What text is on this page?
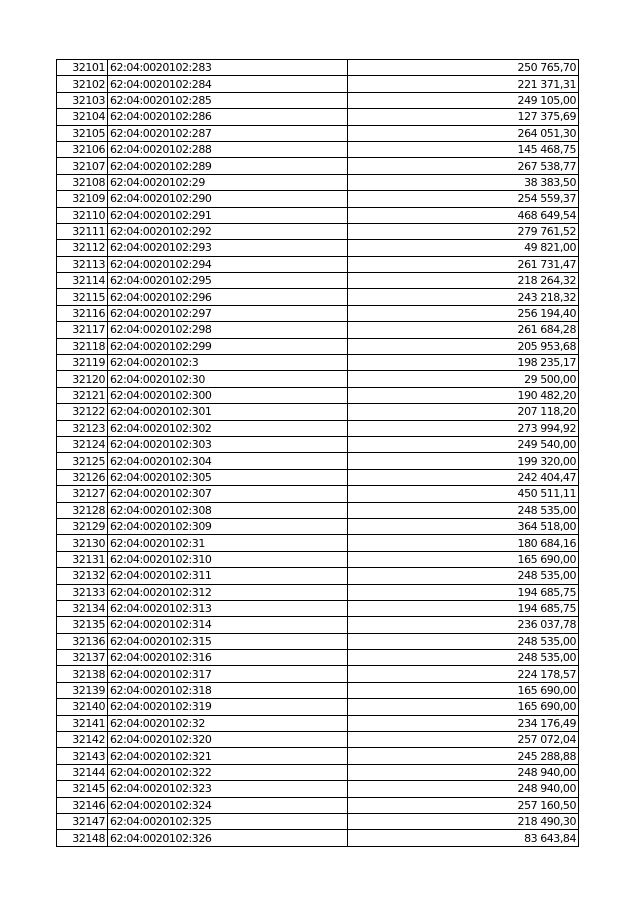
32101	62:04:0020102:283	250 765,70
32102	62:04:0020102:284	221 371,31
32103	62:04:0020102:285	249 105,00
32104	62:04:0020102:286	127 375,69
32105	62:04:0020102:287	264 051,30
32106	62:04:0020102:288	145 468,75
32107	62:04:0020102:289	267 538,77
32108	62:04:0020102:29	38 383,50
32109	62:04:0020102:290	254 559,37
32110	62:04:0020102:291	468 649,54
32111	62:04:0020102:292	279 761,52
32112	62:04:0020102:293	49 821,00
32113	62:04:0020102:294	261 731,47
32114	62:04:0020102:295	218 264,32
32115	62:04:0020102:296	243 218,32
32116	62:04:0020102:297	256 194,40
32117	62:04:0020102:298	261 684,28
32118	62:04:0020102:299	205 953,68
32119	62:04:0020102:3	198 235,17
32120	62:04:0020102:30	29 500,00
32121	62:04:0020102:300	190 482,20
32122	62:04:0020102:301	207 118,20
32123	62:04:0020102:302	273 994,92
32124	62:04:0020102:303	249 540,00
32125	62:04:0020102:304	199 320,00
32126	62:04:0020102:305	242 404,47
32127	62:04:0020102:307	450 511,11
32128	62:04:0020102:308	248 535,00
32129	62:04:0020102:309	364 518,00
32130	62:04:0020102:31	180 684,16
32131	62:04:0020102:310	165 690,00
32132	62:04:0020102:311	248 535,00
32133	62:04:0020102:312	194 685,75
32134	62:04:0020102:313	194 685,75
32135	62:04:0020102:314	236 037,78
32136	62:04:0020102:315	248 535,00
32137	62:04:0020102:316	248 535,00
32138	62:04:0020102:317	224 178,57
32139	62:04:0020102:318	165 690,00
32140	62:04:0020102:319	165 690,00
32141	62:04:0020102:32	234 176,49
32142	62:04:0020102:320	257 072,04
32143	62:04:0020102:321	245 288,88
32144	62:04:0020102:322	248 940,00
32145	62:04:0020102:323	248 940,00
32146	62:04:0020102:324	257 160,50
32147	62:04:0020102:325	218 490,30
32148	62:04:0020102:326	83 643,84
